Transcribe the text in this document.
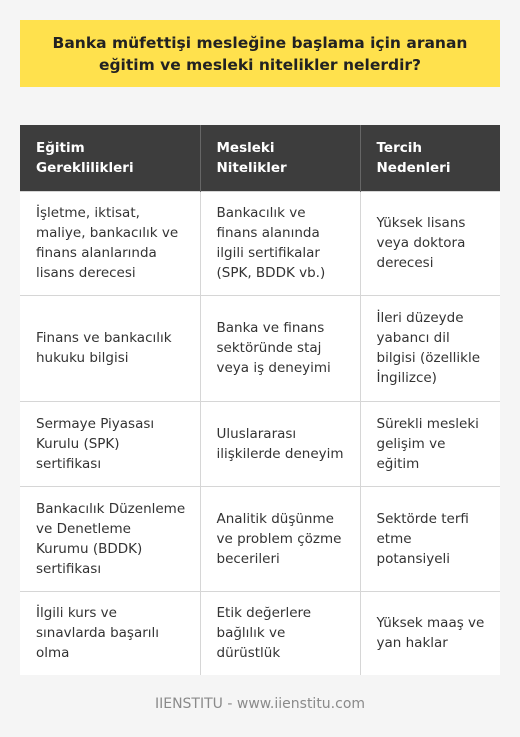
Banka müfettişi mesleğine başlama için aranan eğitim ve mesleki nitelikler nelerdir?
Eğitim Gereklilikleri	Mesleki Nitelikler	Tercih Nedenleri
İşletme, iktisat, maliye, bankacılık ve finans alanlarında lisans derecesi	Bankacılık ve finans alanında ilgili sertifikalar (SPK, BDDK vb.)	Yüksek lisans veya doktora derecesi
Finans ve bankacılık hukuku bilgisi	Banka ve finans sektöründe staj veya iş deneyimi	İleri düzeyde yabancı dil bilgisi (özellikle İngilizce)
Sermaye Piyasası Kurulu (SPK) sertifikası	Uluslararası ilişkilerde deneyim	Sürekli mesleki gelişim ve eğitim
Bankacılık Düzenleme ve Denetleme Kurumu (BDDK) sertifikası	Analitik düşünme ve problem çözme becerileri	Sektörde terfi etme potansiyeli
İlgili kurs ve sınavlarda başarılı olma	Etik değerlere bağlılık ve dürüstlük	Yüksek maaş ve yan haklar
IIENSTITU - www.iienstitu.com
